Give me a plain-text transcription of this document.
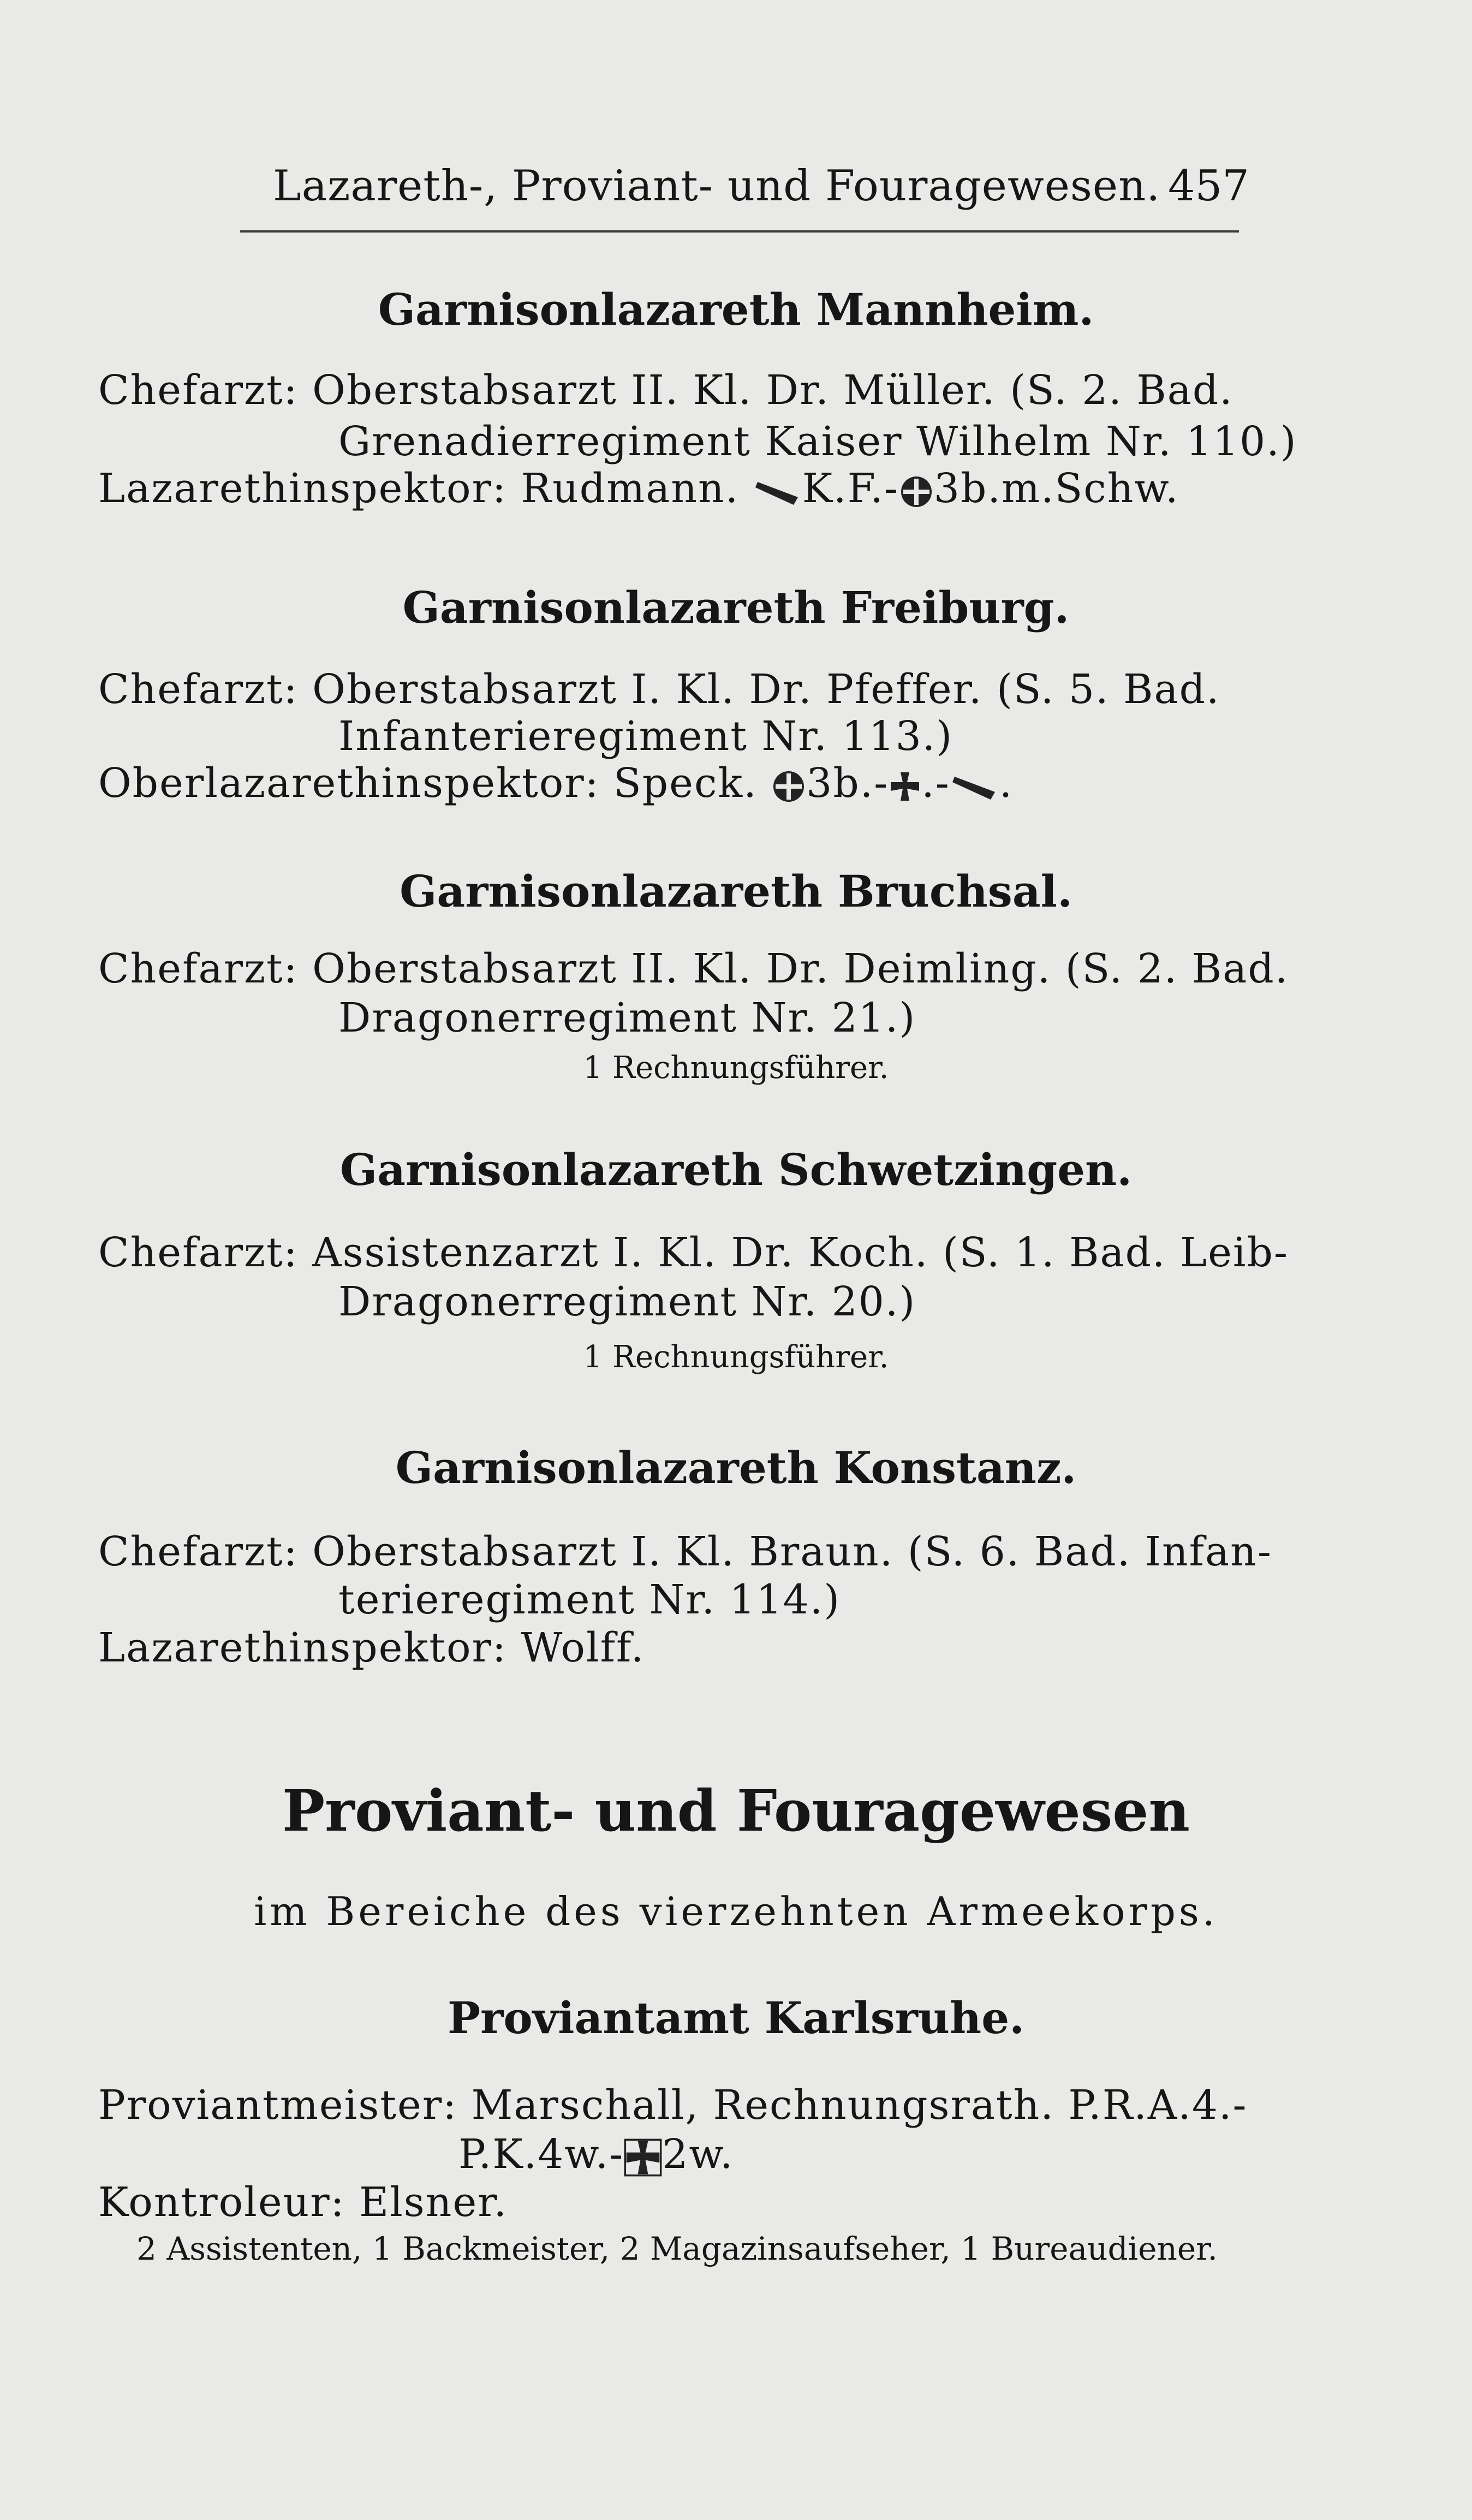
Lazareth-, Proviant- und Fouragewesen. 457
Garnisonlazareth Mannheim.
Chefarzt: Oberstabsarzt II. Kl. Dr. Müller. (S. 2. Bad.
Grenadierregiment Kaiser Wilhelm Nr. 110.)
Lazarethinspektor: Rudmann. K.F.- 3b.m.Schw.
Garnisonlazareth Freiburg.
Chefarzt: Oberstabsarzt I. Kl. Dr. Pfeffer. (S. 5. Bad.
Infanterieregiment Nr. 113.)
Oberlazarethinspektor: Speck. 3b.- .- .
Garnisonlazareth Bruchsal.
Chefarzt: Oberstabsarzt II. Kl. Dr. Deimling. (S. 2. Bad.
Dragonerregiment Nr. 21.)
1 Rechnungsführer.
Garnisonlazareth Schwetzingen.
Chefarzt: Assistenzarzt I. Kl. Dr. Koch. (S. 1. Bad. Leib-
Dragonerregiment Nr. 20.)
1 Rechnungsführer.
Garnisonlazareth Konstanz.
Chefarzt: Oberstabsarzt I. Kl. Braun. (S. 6. Bad. Infan-
terieregiment Nr. 114.)
Lazarethinspektor: Wolff.
Proviant- und Fouragewesen
im Bereiche des vierzehnten Armeekorps.
Proviantamt Karlsruhe.
Proviantmeister: Marschall, Rechnungsrath. P.R.A.4.-
P.K.4w.- 2w.
Kontroleur: Elsner.
2 Assistenten, 1 Backmeister, 2 Magazinsaufseher, 1 Bureaudiener.
